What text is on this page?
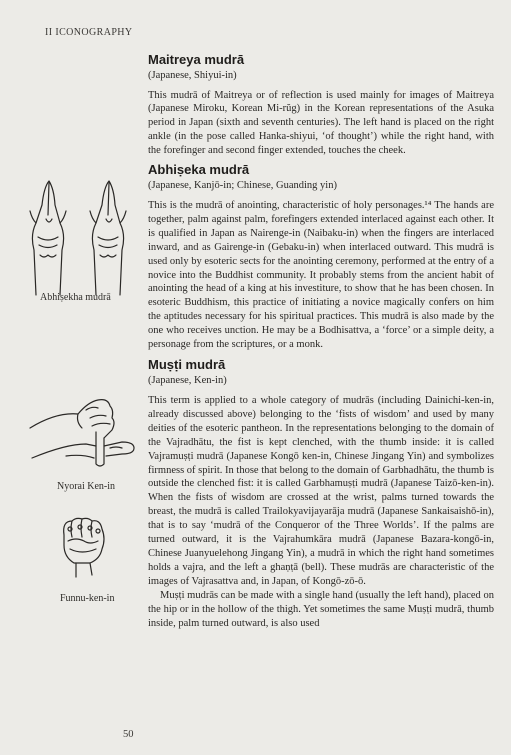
II ICONOGRAPHY
Abhiṣekha mudrā
Nyorai Ken-in
Funnu-ken-in
Maitreya mudrā
(Japanese, Shiyui-in)

This mudrā of Maitreya or of reflection is used mainly for images of Maitreya (Japanese Miroku, Korean Mi-rŭg) in the Korean representations of the Asuka period in Japan (sixth and seventh centuries). The left hand is placed on the right ankle (in the pose called Hanka-shiyui, ‘of thought’) while the right hand, with the forefinger and second finger extended, touches the cheek.

Abhiṣeka mudrā
(Japanese, Kanjō-in; Chinese, Guanding yin)

This is the mudrā of anointing, characteristic of holy personages.¹⁴ The hands are together, palm against palm, forefingers extended interlaced against each other. It is qualified in Japan as Nairenge-in (Naibaku-in) when the fingers are interlaced inward, and as Gairenge-in (Gebaku-in) when interlaced outward. This mudrā is used only by esoteric sects for the anointing ceremony, performed at the entry of a novice into the Buddhist community. It probably stems from the ancient habit of anointing the head of a king at his investiture, to show that he has been chosen. In esoteric Buddhism, this practice of initiating a novice magically confers on him the aptitudes necessary for his spiritual practices. This mudrā is also made by the one who receives unction. He may be a Bodhisattva, a ‘force’ or a simple deity, a personage from the scriptures, or a monk.

Muṣṭi mudrā
(Japanese, Ken-in)

This term is applied to a whole category of mudrās (including Dainichi-ken-in, already discussed above) belonging to the ‘fists of wisdom’ and used by many deities of the esoteric pantheon. In the representations belonging to the domain of the Vajradhātu, the fist is kept clenched, with the thumb inside: it is called Vajramuṣṭi mudrā (Japanese Kongō ken-in, Chinese Jingang Yin) and symbolizes firmness of spirit. In those that belong to the domain of Garbhadhātu, the thumb is outside the clenched fist: it is called Garbhamuṣṭi mudrā (Japanese Taizō-ken-in). When the fists of wisdom are crossed at the wrist, palms turned towards the breast, the mudrā is called Trailokyavijayarāja mudrā (Japanese Sankaisaishō-in), that is to say ‘mudrā of the Conqueror of the Three Worlds’. If the palms are turned outward, it is the Vajrahumkāra mudrā (Japanese Bazara-kongō-in, Chinese Juanyuelehong Jingang Yin), a mudrā in which the right hand sometimes holds a vajra, and the left a ghaṇṭā (bell). These mudrās are characteristic of the images of Vajrasattva and, in Japan, of Kongō-zō-ō.

Muṣṭi mudrās can be made with a single hand (usually the left hand), placed on the hip or in the hollow of the thigh. Yet sometimes the same Muṣṭi mudrā, thumb inside, palm turned outward, is also used

50
